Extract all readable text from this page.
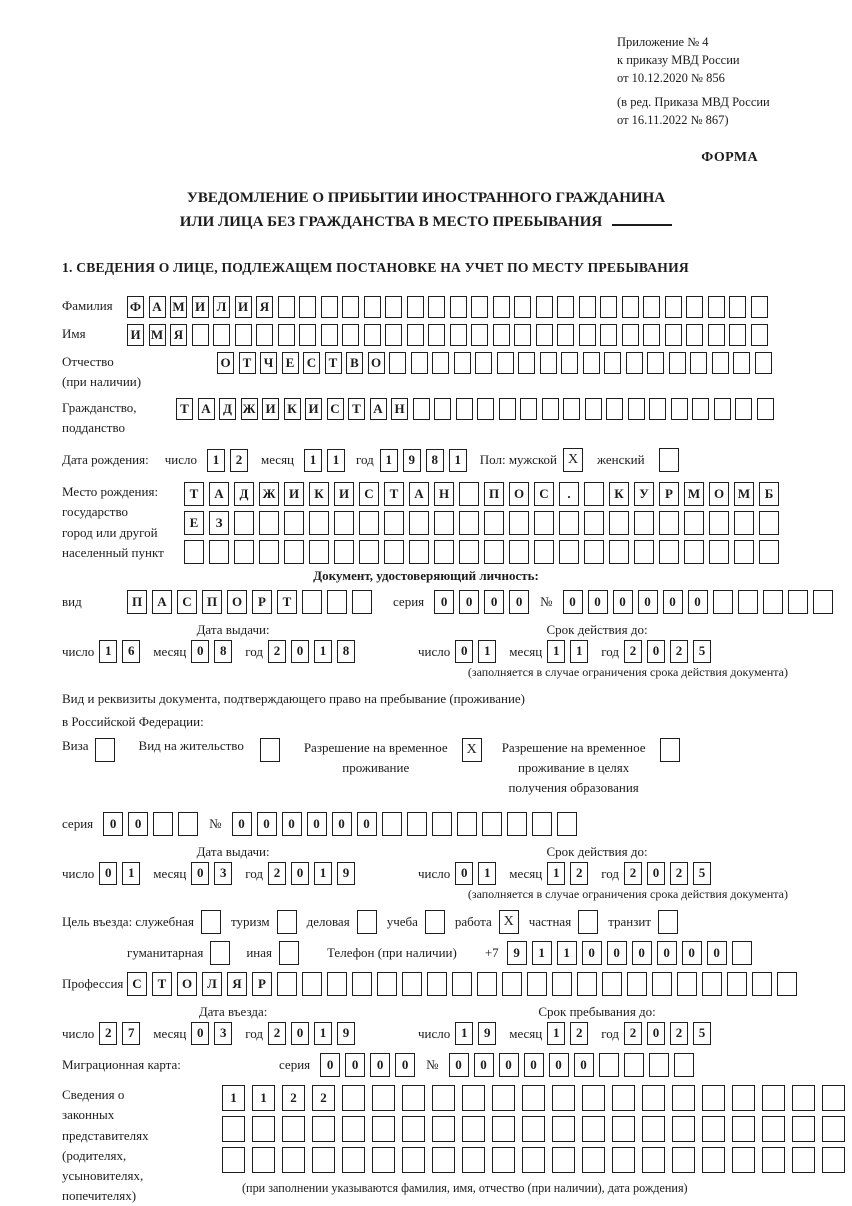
Приложение № 4
к приказу МВД России
от 10.12.2020 № 856
(в ред. Приказа МВД России
от 16.11.2022 № 867)
ФОРМА
УВЕДОМЛЕНИЕ О ПРИБЫТИИ ИНОСТРАННОГО ГРАЖДАНИНА
ИЛИ ЛИЦА БЕЗ ГРАЖДАНСТВА В МЕСТО ПРЕБЫВАНИЯ
1. СВЕДЕНИЯ О ЛИЦЕ, ПОДЛЕЖАЩЕМ ПОСТАНОВКЕ НА УЧЕТ ПО МЕСТУ ПРЕБЫВАНИЯ
Фамилия	Ф А М И Л И Я
Имя	И М Я
Отчество
(при наличии)
О Т Ч Е С Т В О
Гражданство,
подданство
Т А Д Ж И К И С Т А Н
Дата рождения: число	1	2	месяц	1	1	год 1	9	8	1	Пол: мужской X	женский
Место рождения:
государство
город или другой
населенный пункт
Т	А	Д	Ж	И	К	И	С	Т	А	Н	П	О	С	.	К	У	Р	М	О	М	Б
Е	З
Документ, удостоверяющий личность:
вид	П	А	С	П	О	Р	Т	серия	0	0	0	0	№	0	0	0	0	0	0
Дата выдачи:	Срок действия до:
число 1	6	месяц 0	8	год 2	0	1	8	число 0	1	месяц 1	1	год 2	0	2	5
(заполняется в случае ограничения срока действия документа)
Вид и реквизиты документа, подтверждающего право на пребывание (проживание)
в Российской Федерации:
Виза	Вид на жительство	Разрешение на временное
проживание
X	Разрешение на временное
проживание в целях
получения образования
серия	0	0	№	0	0	0	0	0	0
Дата выдачи:	Срок действия до:
число 0	1	месяц 0	3	год 2	0	1	9	число 0	1	месяц 1	2	год 2	0	2	5
(заполняется в случае ограничения срока действия документа)
Цель въезда: служебная	туризм	деловая	учеба	работа X	частная	транзит
гуманитарная	иная	Телефон (при наличии) +7	9	1	1	0	0	0	0	0	0
Профессия С	Т	О	Л	Я	Р
Дата въезда:	Срок пребывания до:
число 2	7	месяц 0	3	год 2	0	1	9	число 1	9	месяц 1	2	год 2	0	2	5
Миграционная карта:	серия	0	0	0	0	№	0	0	0	0	0	0
Сведения о
законных
представителях
(родителях,
усыновителях,
попечителях)
1	1	2	2
(при заполнении указываются фамилия, имя, отчество (при наличии), дата рождения)
